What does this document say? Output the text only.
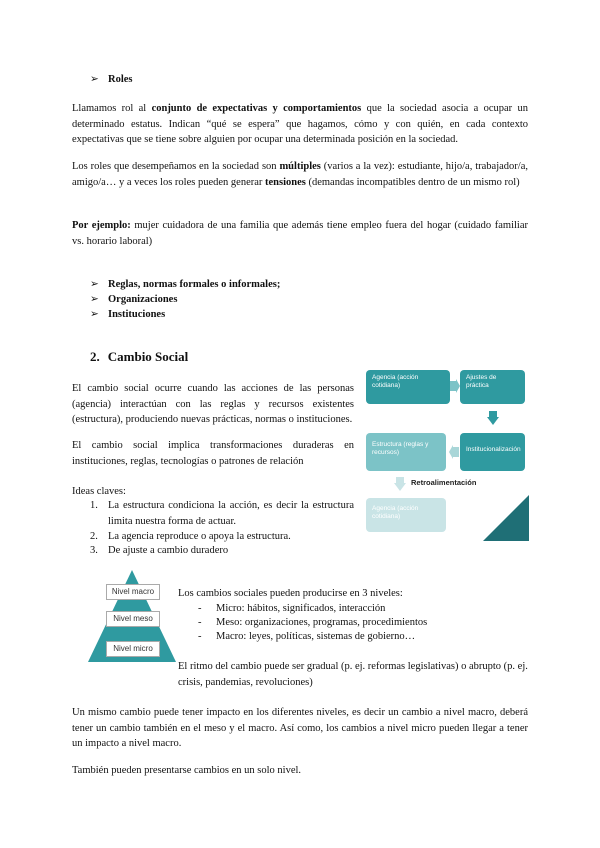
➢ Roles
Llamamos rol al conjunto de expectativas y comportamientos que la sociedad asocia a ocupar un determinado estatus. Indican “qué se espera” que hagamos, cómo y con quién, en cada contexto expectativas que se tiene sobre alguien por ocupar una determinada posición en la sociedad.
Los roles que desempeñamos en la sociedad son múltiples (varios a la vez): estudiante, hijo/a, trabajador/a, amigo/a… y a veces los roles pueden generar tensiones (demandas incompatibles dentro de un mismo rol)
Por ejemplo: mujer cuidadora de una familia que además tiene empleo fuera del hogar (cuidado familiar vs. horario laboral)
➢ Reglas, normas formales o informales;
➢ Organizaciones
➢ Instituciones
2. Cambio Social
El cambio social ocurre cuando las acciones de las personas (agencia) interactúan con las reglas y recursos existentes (estructura), produciendo nuevas prácticas, normas o instituciones.
El cambio social implica transformaciones duraderas en instituciones, reglas, tecnologías o patrones de relación
Ideas claves:
1. La estructura condiciona la acción, es decir la estructura limita nuestra forma de actuar.
2. La agencia reproduce o apoya la estructura.
3. De ajuste a cambio duradero
Agencia (acción cotidiana)
Ajustes de práctica
Institucionalización
Estructura (reglas y recursos)
Retroalimentación
Agencia (acción cotidiana)
Nivel macro
Nivel meso
Nivel micro
Los cambios sociales pueden producirse en 3 niveles:
- Micro: hábitos, significados, interacción
- Meso: organizaciones, programas, procedimientos
- Macro: leyes, políticas, sistemas de gobierno…
El ritmo del cambio puede ser gradual (p. ej. reformas legislativas) o abrupto (p. ej. crisis, pandemias, revoluciones)
Un mismo cambio puede tener impacto en los diferentes niveles, es decir un cambio a nivel macro, deberá tener un cambio también en el meso y el macro. Así como, los cambios a nivel micro pueden llegar a tener un impacto a nivel macro.
También pueden presentarse cambios en un solo nivel.
